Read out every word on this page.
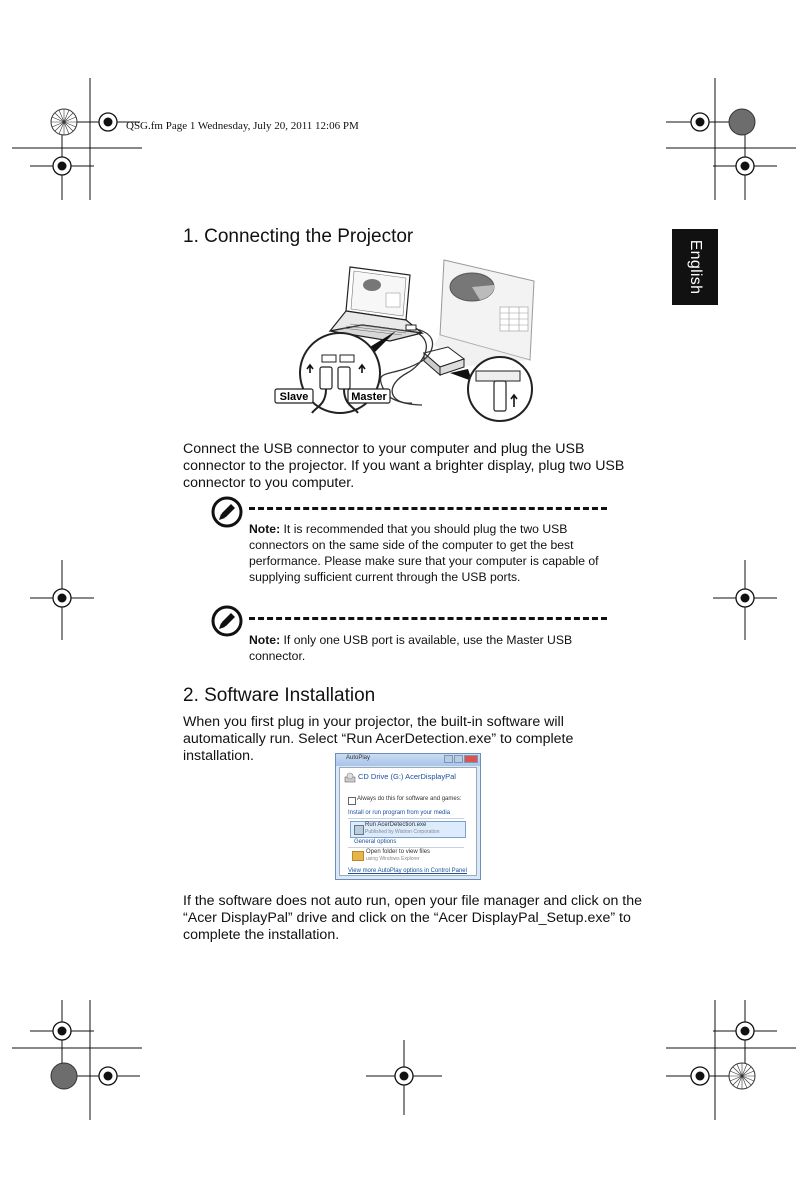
QSG.fm Page 1 Wednesday, July 20, 2011 12:06 PM
English
1. Connecting the Projector
Slave	Master

Connect the USB connector to your computer and plug the USB connector to the projector. If you want a brighter display, plug two USB connector to you computer.

Note: It is recommended that you should plug the two USB connectors on the same side of the computer to get the best performance. Please make sure that your computer is capable of supplying sufficient current through the USB ports.

Note: If only one USB port is available, use the Master USB connector.

2. Software Installation

When you first plug in your projector, the built-in software will automatically run. Select “Run AcerDetection.exe” to complete installation.	AutoPlay
CD Drive (G:) AcerDisplayPal
Always do this for software and games:
Install or run program from your media
Run AcerDetection.exe
Published by Wistron Corporation
General options
Open folder to view files
using Windows Explorer
View more AutoPlay options in Control Panel

If the software does not auto run, open your file manager and click on the “Acer DisplayPal” drive and click on the “Acer DisplayPal_Setup.exe” to complete the installation.
